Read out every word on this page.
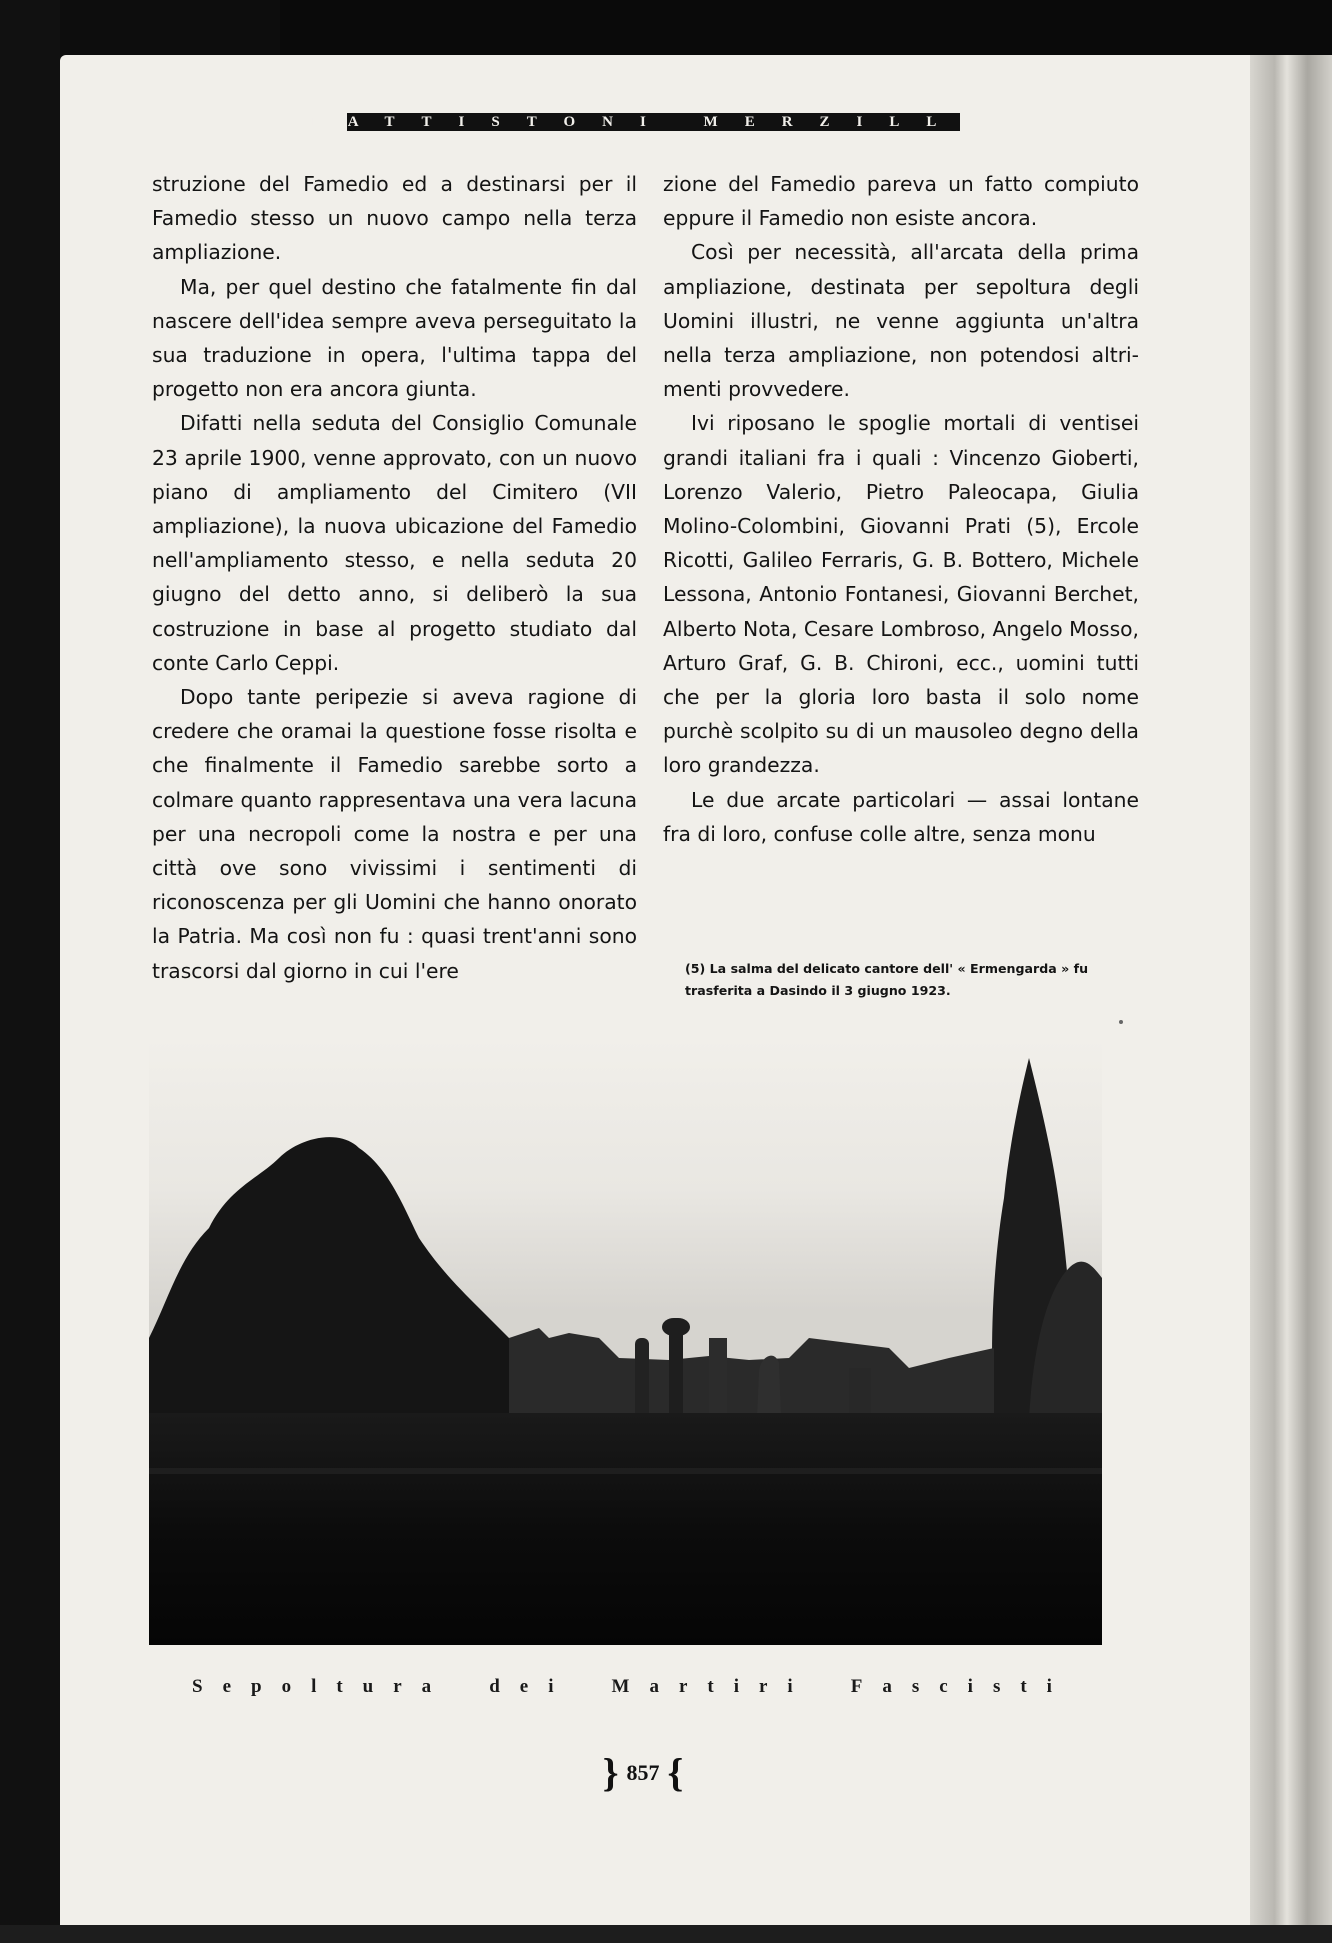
BATTISTONI MERZILLI

struzione del Famedio ed a destinarsi per il Famedio stesso un nuovo campo nella terza ampliazione.

Ma, per quel destino che fatalmente fin dal nascere dell'idea sempre aveva perseguitato la sua traduzione in opera, l'ultima tappa del progetto non era ancora giunta.

Difatti nella seduta del Consiglio Comunale 23 aprile 1900, venne approvato, con un nuovo piano di ampliamento del Cimitero (VII ampliazione), la nuova ubicazione del Famedio nell'ampliamento stesso, e nella seduta 20 giugno del detto anno, si deliberò la sua costruzione in base al progetto studiato dal conte Carlo Ceppi.

Dopo tante peripezie si aveva ragione di credere che oramai la questione fosse risolta e che finalmente il Famedio sarebbe sorto a colmare quanto rappresentava una vera lacuna per una necropoli come la nostra e per una città ove sono vivissimi i sentimenti di riconoscenza per gli Uomini che hanno onorato la Patria. Ma così non fu : quasi trent'anni sono trascorsi dal giorno in cui l'ere

zione del Famedio pareva un fatto compiuto eppure il Famedio non esiste ancora.

Così per necessità, all'arcata della prima ampliazione, destinata per sepoltura degli Uomini illustri, ne venne aggiunta un'altra nella terza ampliazione, non potendosi altrimenti provvedere.

Ivi riposano le spoglie mortali di ventisei grandi italiani fra i quali : Vincenzo Gioberti, Lorenzo Valerio, Pietro Paleocapa, Giulia Molino-Colombini, Giovanni Prati (5), Ercole Ricotti, Galileo Ferraris, G. B. Bottero, Michele Lessona, Antonio Fontanesi, Giovanni Berchet, Alberto Nota, Cesare Lombroso, Angelo Mosso, Arturo Graf, G. B. Chironi, ecc., uomini tutti che per la gloria loro basta il solo nome purchè scolpito su di un mausoleo degno della loro grandezza.

Le due arcate particolari — assai lontane fra di loro, confuse colle altre, senza monu

(5) La salma del delicato cantore dell' « Ermengarda » fu trasferita a Dasindo il 3 giugno 1923.
Sepoltura dei Martiri Fascisti
} 857 {
